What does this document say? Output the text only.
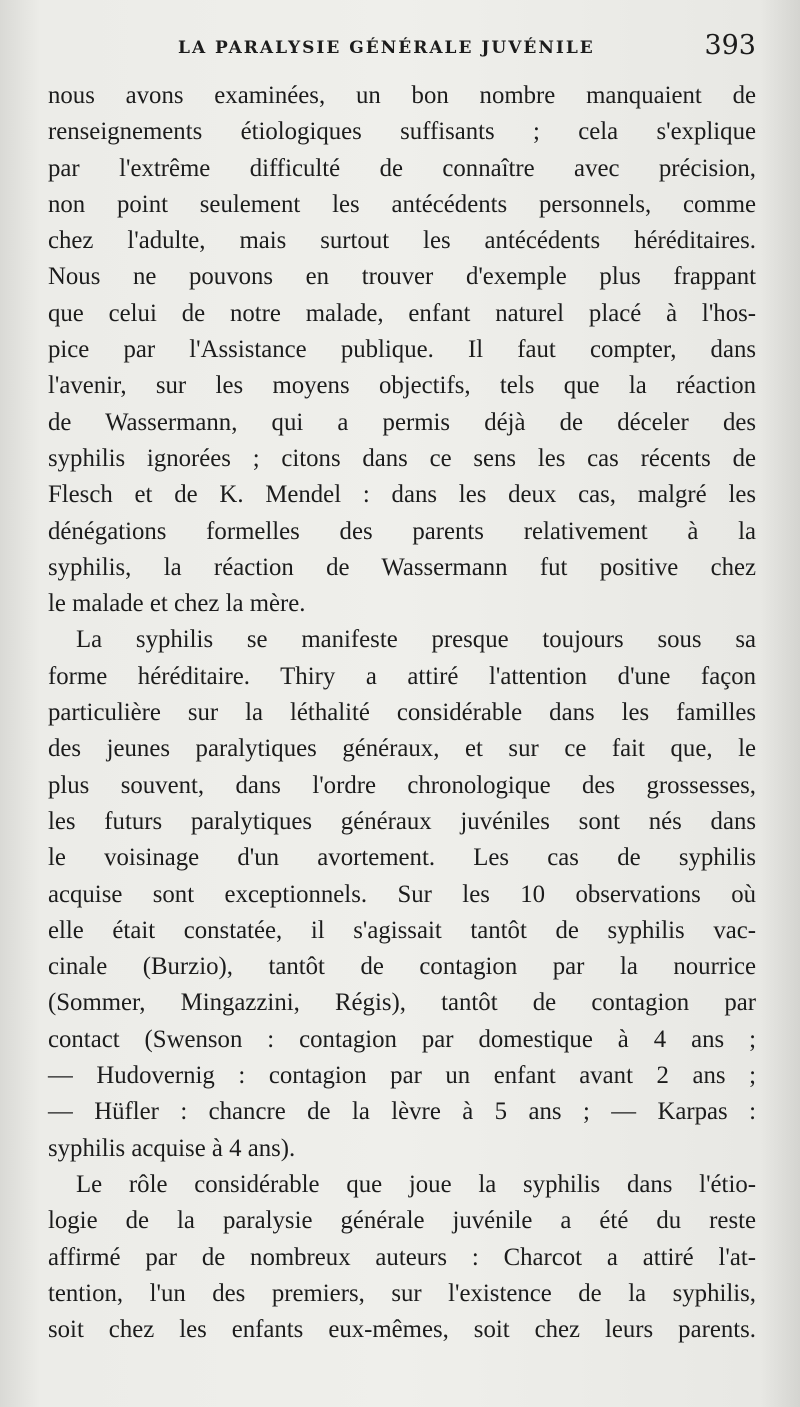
LA PARALYSIE GÉNÉRALE JUVÉNILE	393

nous avons examinées, un bon nombre manquaient de
renseignements étiologiques suffisants ; cela s'explique
par l'extrême difficulté de connaître avec précision,
non point seulement les antécédents personnels, comme
chez l'adulte, mais surtout les antécédents héréditaires.
Nous ne pouvons en trouver d'exemple plus frappant
que celui de notre malade, enfant naturel placé à l'hos-
pice par l'Assistance publique. Il faut compter, dans
l'avenir, sur les moyens objectifs, tels que la réaction
de Wassermann, qui a permis déjà de déceler des
syphilis ignorées ; citons dans ce sens les cas récents de
Flesch et de K. Mendel : dans les deux cas, malgré les
dénégations formelles des parents relativement à la
syphilis, la réaction de Wassermann fut positive chez
le malade et chez la mère.

La syphilis se manifeste presque toujours sous sa
forme héréditaire. Thiry a attiré l'attention d'une façon
particulière sur la léthalité considérable dans les familles
des jeunes paralytiques généraux, et sur ce fait que, le
plus souvent, dans l'ordre chronologique des grossesses,
les futurs paralytiques généraux juvéniles sont nés dans
le voisinage d'un avortement. Les cas de syphilis
acquise sont exceptionnels. Sur les 10 observations où
elle était constatée, il s'agissait tantôt de syphilis vac-
cinale (Burzio), tantôt de contagion par la nourrice
(Sommer, Mingazzini, Régis), tantôt de contagion par
contact (Swenson : contagion par domestique à 4 ans ;
— Hudovernig : contagion par un enfant avant 2 ans ;
— Hüfler : chancre de la lèvre à 5 ans ; — Karpas :
syphilis acquise à 4 ans).

Le rôle considérable que joue la syphilis dans l'étio-
logie de la paralysie générale juvénile a été du reste
affirmé par de nombreux auteurs : Charcot a attiré l'at-
tention, l'un des premiers, sur l'existence de la syphilis,
soit chez les enfants eux-mêmes, soit chez leurs parents.
